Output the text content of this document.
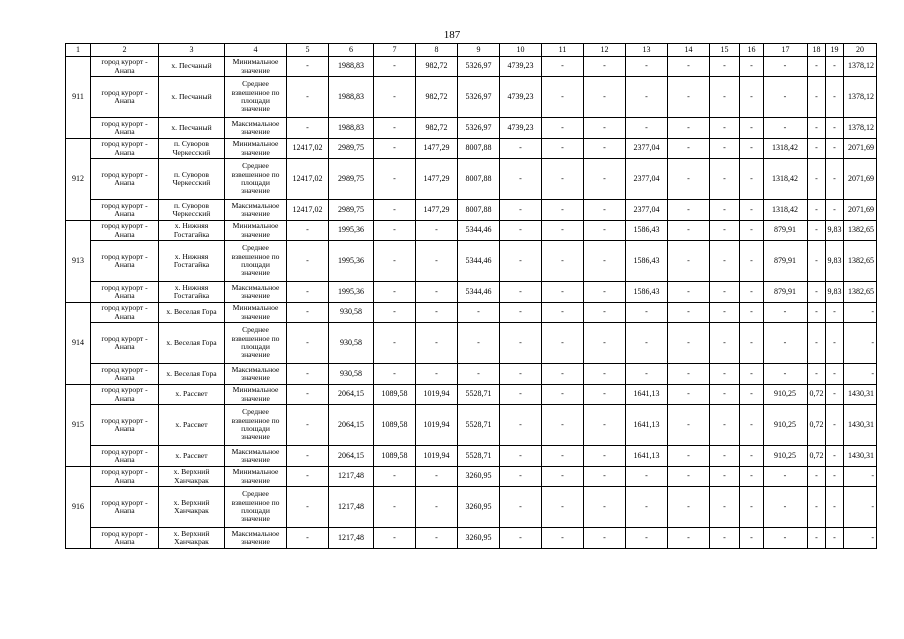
187
1	2	3	4	5	6	7	8	9	10	11	12	13	14	15	16	17	18	19	20
911	город курорт - Анапа	х. Песчаный	Минимальное значение	-	1988,83	-	982,72	5326,97	4739,23	-	-	-	-	-	-	-	-	-	1378,12
	город курорт - Анапа	х. Песчаный	Среднее взвешенное по площади значение	-	1988,83	-	982,72	5326,97	4739,23	-	-	-	-	-	-	-	-	-	1378,12
	город курорт - Анапа	х. Песчаный	Максимальное значение	-	1988,83	-	982,72	5326,97	4739,23	-	-	-	-	-	-	-	-	-	1378,12
912	город курорт - Анапа	п. Суворов Черкесский	Минимальное значение	12417,02	2989,75	-	1477,29	8007,88	-	-	-	2377,04	-	-	-	1318,42	-	-	2071,69
	город курорт - Анапа	п. Суворов Черкесский	Среднее взвешенное по площади значение	12417,02	2989,75	-	1477,29	8007,88	-	-	-	2377,04	-	-	-	1318,42	-	-	2071,69
	город курорт - Анапа	п. Суворов Черкесский	Максимальное значение	12417,02	2989,75	-	1477,29	8007,88	-	-	-	2377,04	-	-	-	1318,42	-	-	2071,69
913	город курорт - Анапа	х. Нижняя Гостагайка	Минимальное значение	-	1995,36	-	-	5344,46	-	-	-	1586,43	-	-	-	879,91	-	9,83	1382,65
	город курорт - Анапа	х. Нижняя Гостагайка	Среднее взвешенное по площади значение	-	1995,36	-	-	5344,46	-	-	-	1586,43	-	-	-	879,91	-	9,83	1382,65
	город курорт - Анапа	х. Нижняя Гостагайка	Максимальное значение	-	1995,36	-	-	5344,46	-	-	-	1586,43	-	-	-	879,91	-	9,83	1382,65
914	город курорт - Анапа	х. Веселая Гора	Минимальное значение	-	930,58	-	-	-	-	-	-	-	-	-	-	-	-	-	-
	город курорт - Анапа	х. Веселая Гора	Среднее взвешенное по площади значение	-	930,58	-	-	-	-	-	-	-	-	-	-	-	-	-	-
	город курорт - Анапа	х. Веселая Гора	Максимальное значение	-	930,58	-	-	-	-	-	-	-	-	-	-	-	-	-	-
915	город курорт - Анапа	х. Рассвет	Минимальное значение	-	2064,15	1089,58	1019,94	5528,71	-	-	-	1641,13	-	-	-	910,25	0,72	-	1430,31
	город курорт - Анапа	х. Рассвет	Среднее взвешенное по площади значение	-	2064,15	1089,58	1019,94	5528,71	-	-	-	1641,13	-	-	-	910,25	0,72	-	1430,31
	город курорт - Анапа	х. Рассвет	Максимальное значение	-	2064,15	1089,58	1019,94	5528,71	-	-	-	1641,13	-	-	-	910,25	0,72	-	1430,31
916	город курорт - Анапа	х. Верхний Ханчакрак	Минимальное значение	-	1217,48	-	-	3260,95	-	-	-	-	-	-	-	-	-	-	-
	город курорт - Анапа	х. Верхний Ханчакрак	Среднее взвешенное по площади значение	-	1217,48	-	-	3260,95	-	-	-	-	-	-	-	-	-	-	-
	город курорт - Анапа	х. Верхний Ханчакрак	Максимальное значение	-	1217,48	-	-	3260,95	-	-	-	-	-	-	-	-	-	-	-
